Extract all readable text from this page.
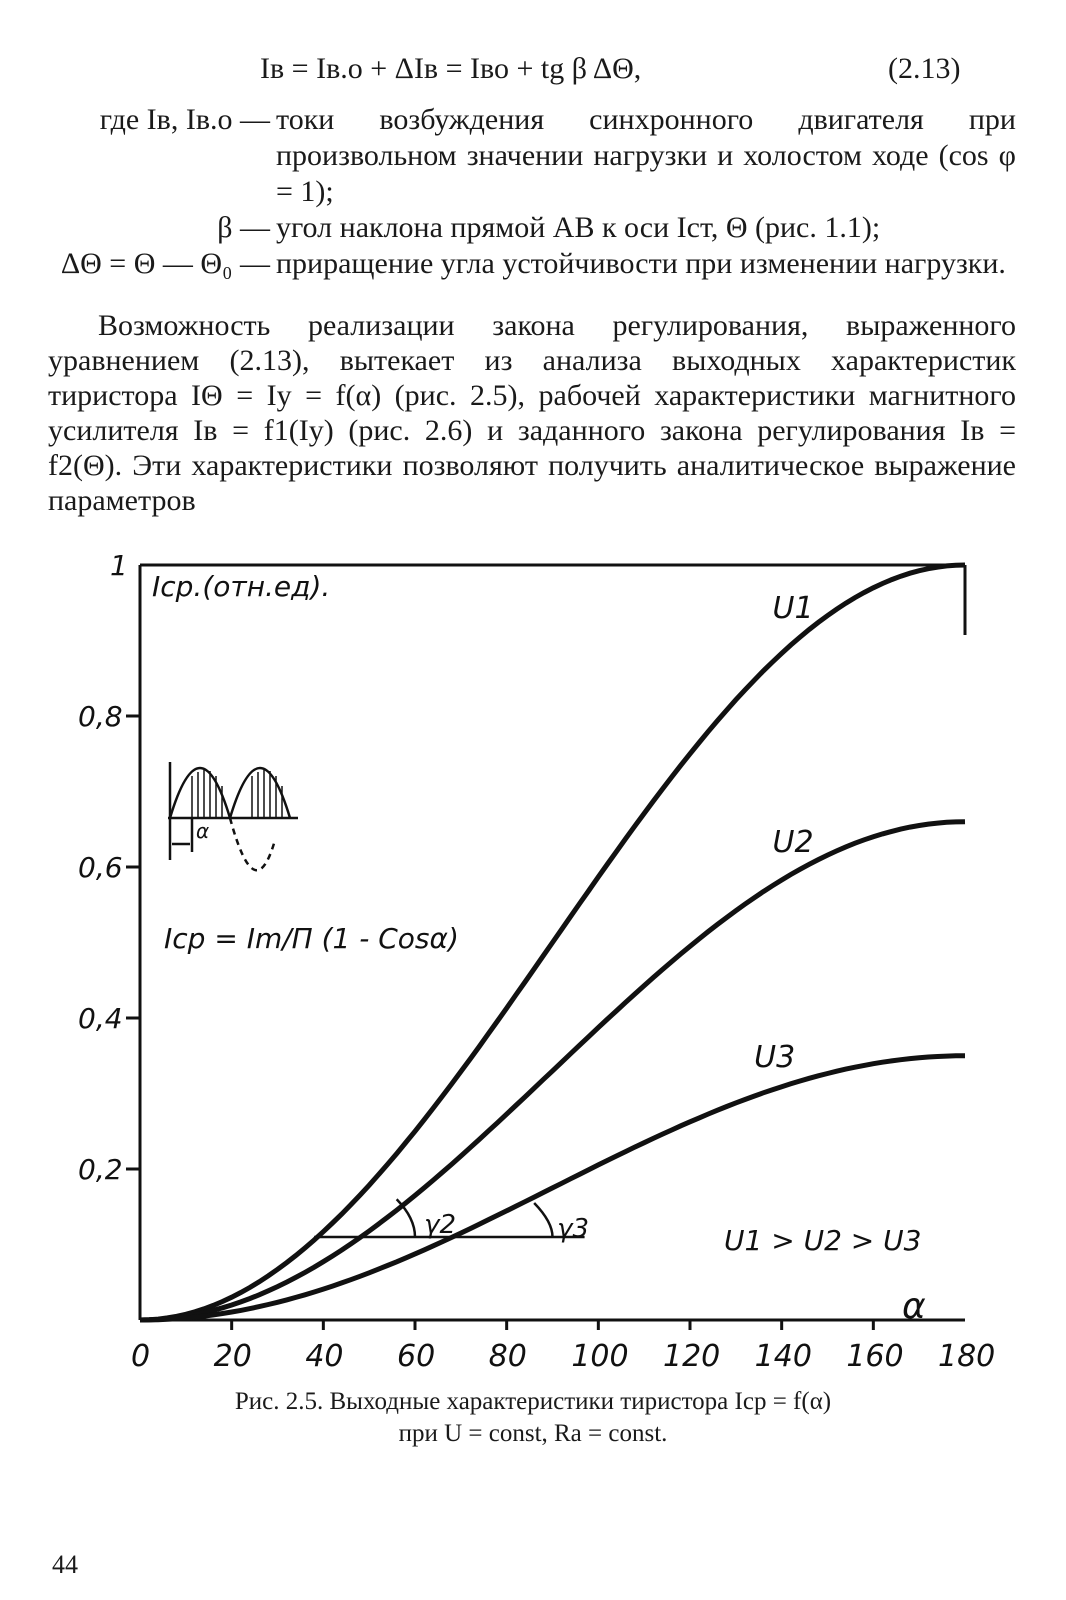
Iв = Iв.о + ΔIв = Iво + tg β ΔΘ,	(2.13)
где Iв, Iв.о — токи возбуждения синхронного двигателя при произвольном значении нагрузки и холостом ходе (cos φ = 1);
β — угол наклона прямой AB к оси Iст, Θ (рис. 1.1);
ΔΘ = Θ — Θ₀ — приращение угла устойчивости при изменении нагрузки.
Возможность реализации закона регулирования, выраженного уравнением (2.13), вытекает из анализа выходных характеристик тиристора IΘ = Iу = f(α) (рис. 2.5), рабочей характеристики магнитного усилителя Iв = f1(Iу) (рис. 2.6) и заданного закона регулирования Iв = f2(Θ). Эти характеристики позволяют получить аналитическое выражение параметров
0,2
0,4
0,6
0,8
1
0 20 40 60 80 100 120 140 160 180
U1
U2
U3
Iср.(отн.ед).
α
α
Iср = Im/П (1 - Cosα)
γ2	γ3	U1 > U2 > U3
Рис. 2.5. Выходные характеристики тиристора Iср = f(α)
при U = const, Rа = const.
44
